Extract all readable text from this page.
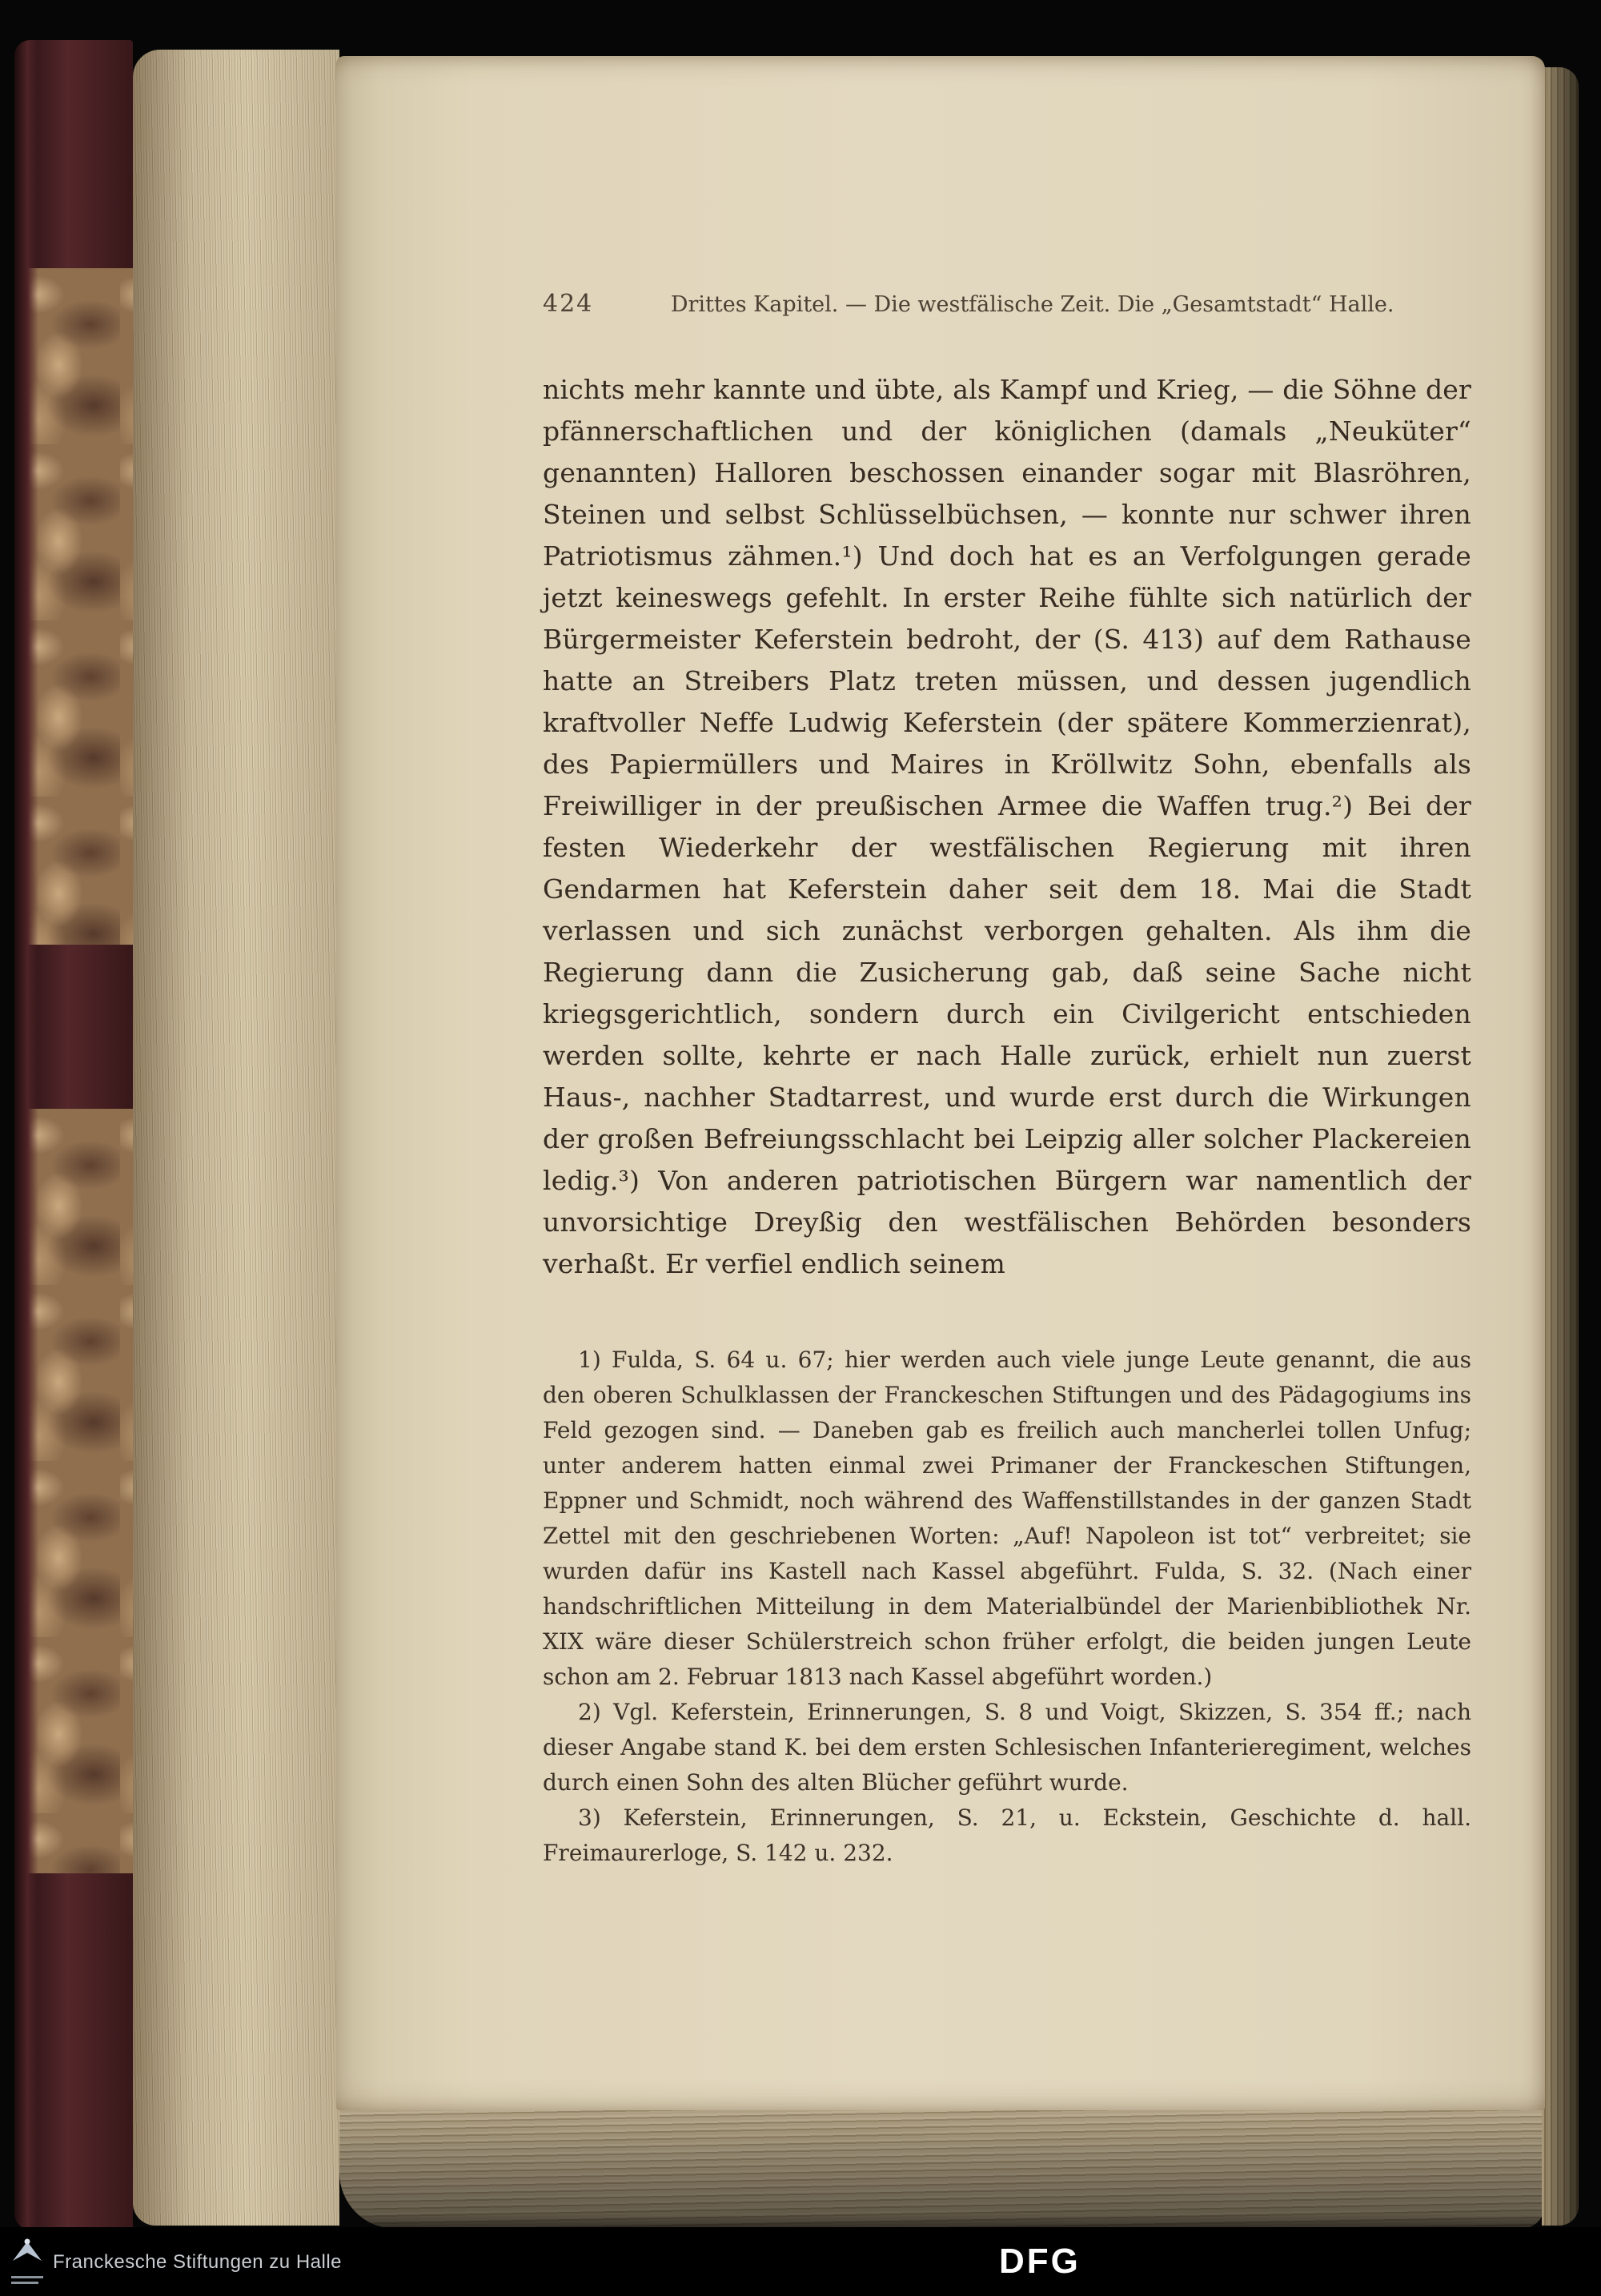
424	Drittes Kapitel. — Die westfälische Zeit. Die „Gesamtstadt“ Halle.

nichts mehr kannte und übte, als Kampf und Krieg, — die Söhne der pfännerschaftlichen und der königlichen (damals „Neuküter“ genannten) Halloren beschossen einander sogar mit Blasröhren, Steinen und selbst Schlüsselbüchsen, — konnte nur schwer ihren Patriotismus zähmen.¹) Und doch hat es an Verfolgungen gerade jetzt keineswegs gefehlt. In erster Reihe fühlte sich natürlich der Bürgermeister Keferstein bedroht, der (S. 413) auf dem Rathause hatte an Streibers Platz treten müssen, und dessen jugendlich kraftvoller Neffe Ludwig Keferstein (der spätere Kommerzienrat), des Papiermüllers und Maires in Kröllwitz Sohn, ebenfalls als Freiwilliger in der preußischen Armee die Waffen trug.²) Bei der festen Wiederkehr der westfälischen Regierung mit ihren Gendarmen hat Keferstein daher seit dem 18. Mai die Stadt verlassen und sich zunächst verborgen gehalten. Als ihm die Regierung dann die Zusicherung gab, daß seine Sache nicht kriegsgerichtlich, sondern durch ein Civilgericht entschieden werden sollte, kehrte er nach Halle zurück, erhielt nun zuerst Haus-, nachher Stadtarrest, und wurde erst durch die Wirkungen der großen Befreiungsschlacht bei Leipzig aller solcher Plackereien ledig.³) Von anderen patriotischen Bürgern war namentlich der unvorsichtige Dreyßig den westfälischen Behörden besonders verhaßt. Er verfiel endlich seinem

1) Fulda, S. 64 u. 67; hier werden auch viele junge Leute genannt, die aus den oberen Schulklassen der Franckeschen Stiftungen und des Pädagogiums ins Feld gezogen sind. — Daneben gab es freilich auch mancherlei tollen Unfug; unter anderem hatten einmal zwei Primaner der Franckeschen Stiftungen, Eppner und Schmidt, noch während des Waffenstillstandes in der ganzen Stadt Zettel mit den geschriebenen Worten: „Auf! Napoleon ist tot“ verbreitet; sie wurden dafür ins Kastell nach Kassel abgeführt. Fulda, S. 32. (Nach einer handschriftlichen Mitteilung in dem Materialbündel der Marienbibliothek Nr. XIX wäre dieser Schülerstreich schon früher erfolgt, die beiden jungen Leute schon am 2. Februar 1813 nach Kassel abgeführt worden.)

2) Vgl. Keferstein, Erinnerungen, S. 8 und Voigt, Skizzen, S. 354 ff.; nach dieser Angabe stand K. bei dem ersten Schlesischen Infanterieregiment, welches durch einen Sohn des alten Blücher geführt wurde.

3) Keferstein, Erinnerungen, S. 21, u. Eckstein, Geschichte d. hall. Freimaurerloge, S. 142 u. 232.

Franckesche Stiftungen zu Halle	DFG
